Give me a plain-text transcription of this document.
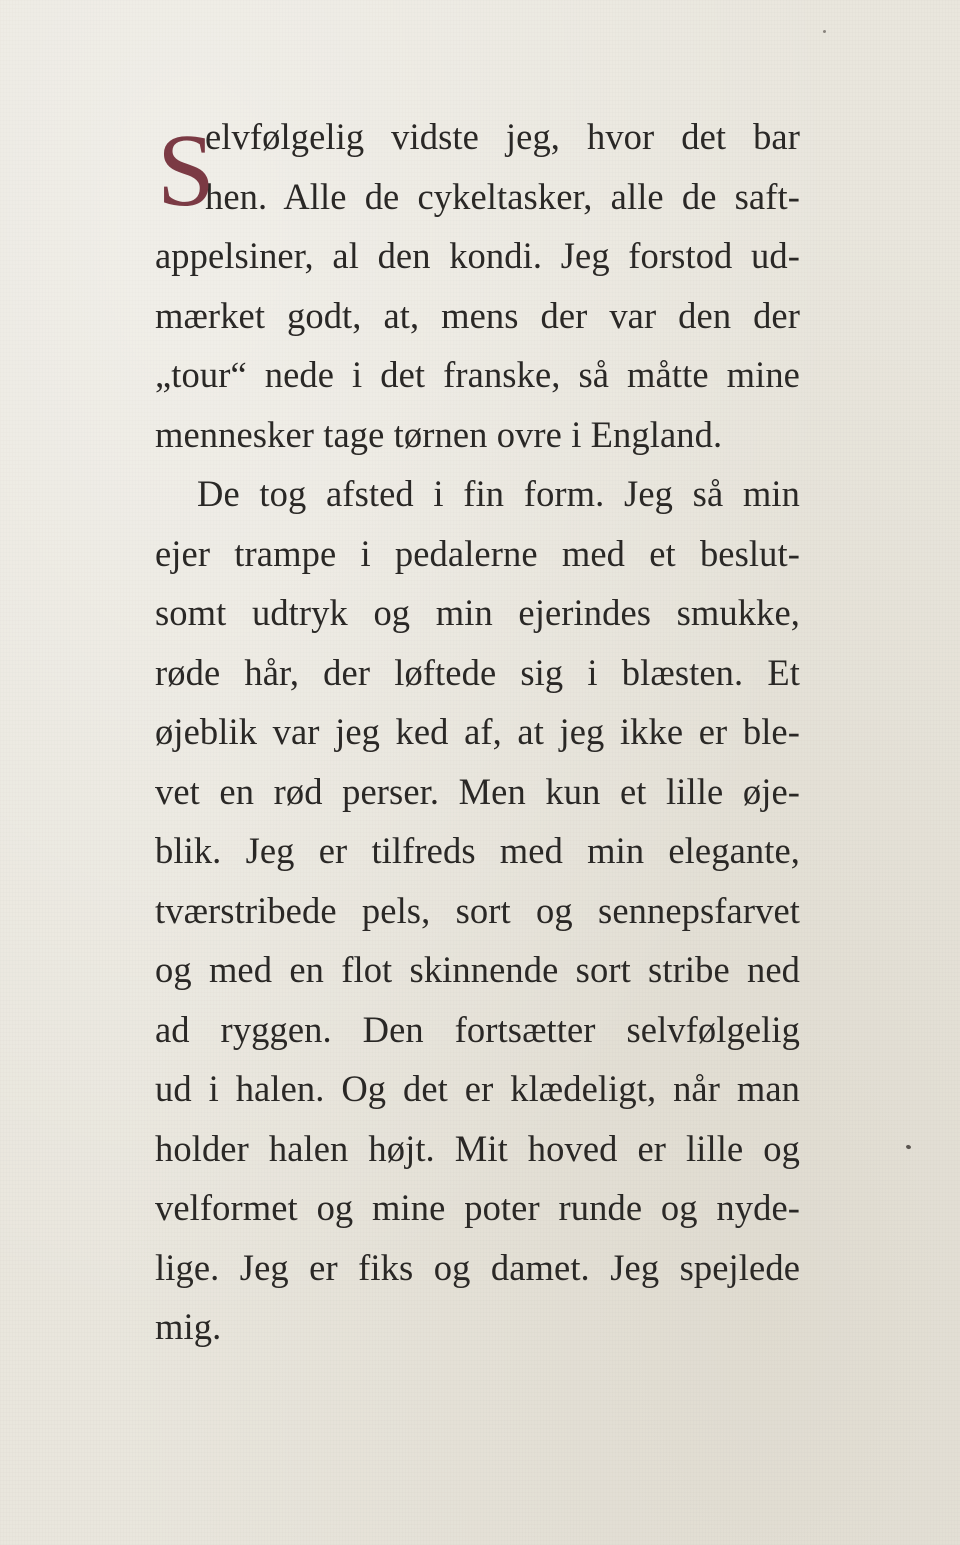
S
elvfølgelig vidste jeg, hvor det bar
hen. Alle de cykeltasker, alle de saft-
appelsiner, al den kondi. Jeg forstod ud-
mærket godt, at, mens der var den der
„tour“ nede i det franske, så måtte mine
mennesker tage tørnen ovre i England.
De tog afsted i fin form. Jeg så min
ejer trampe i pedalerne med et beslut-
somt udtryk og min ejerindes smukke,
røde hår, der løftede sig i blæsten. Et
øjeblik var jeg ked af, at jeg ikke er ble-
vet en rød perser. Men kun et lille øje-
blik. Jeg er tilfreds med min elegante,
tværstribede pels, sort og sennepsfarvet
og med en flot skinnende sort stribe ned
ad ryggen. Den fortsætter selvfølgelig
ud i halen. Og det er klædeligt, når man
holder halen højt. Mit hoved er lille og
velformet og mine poter runde og nyde-
lige. Jeg er fiks og damet. Jeg spejlede
mig.
